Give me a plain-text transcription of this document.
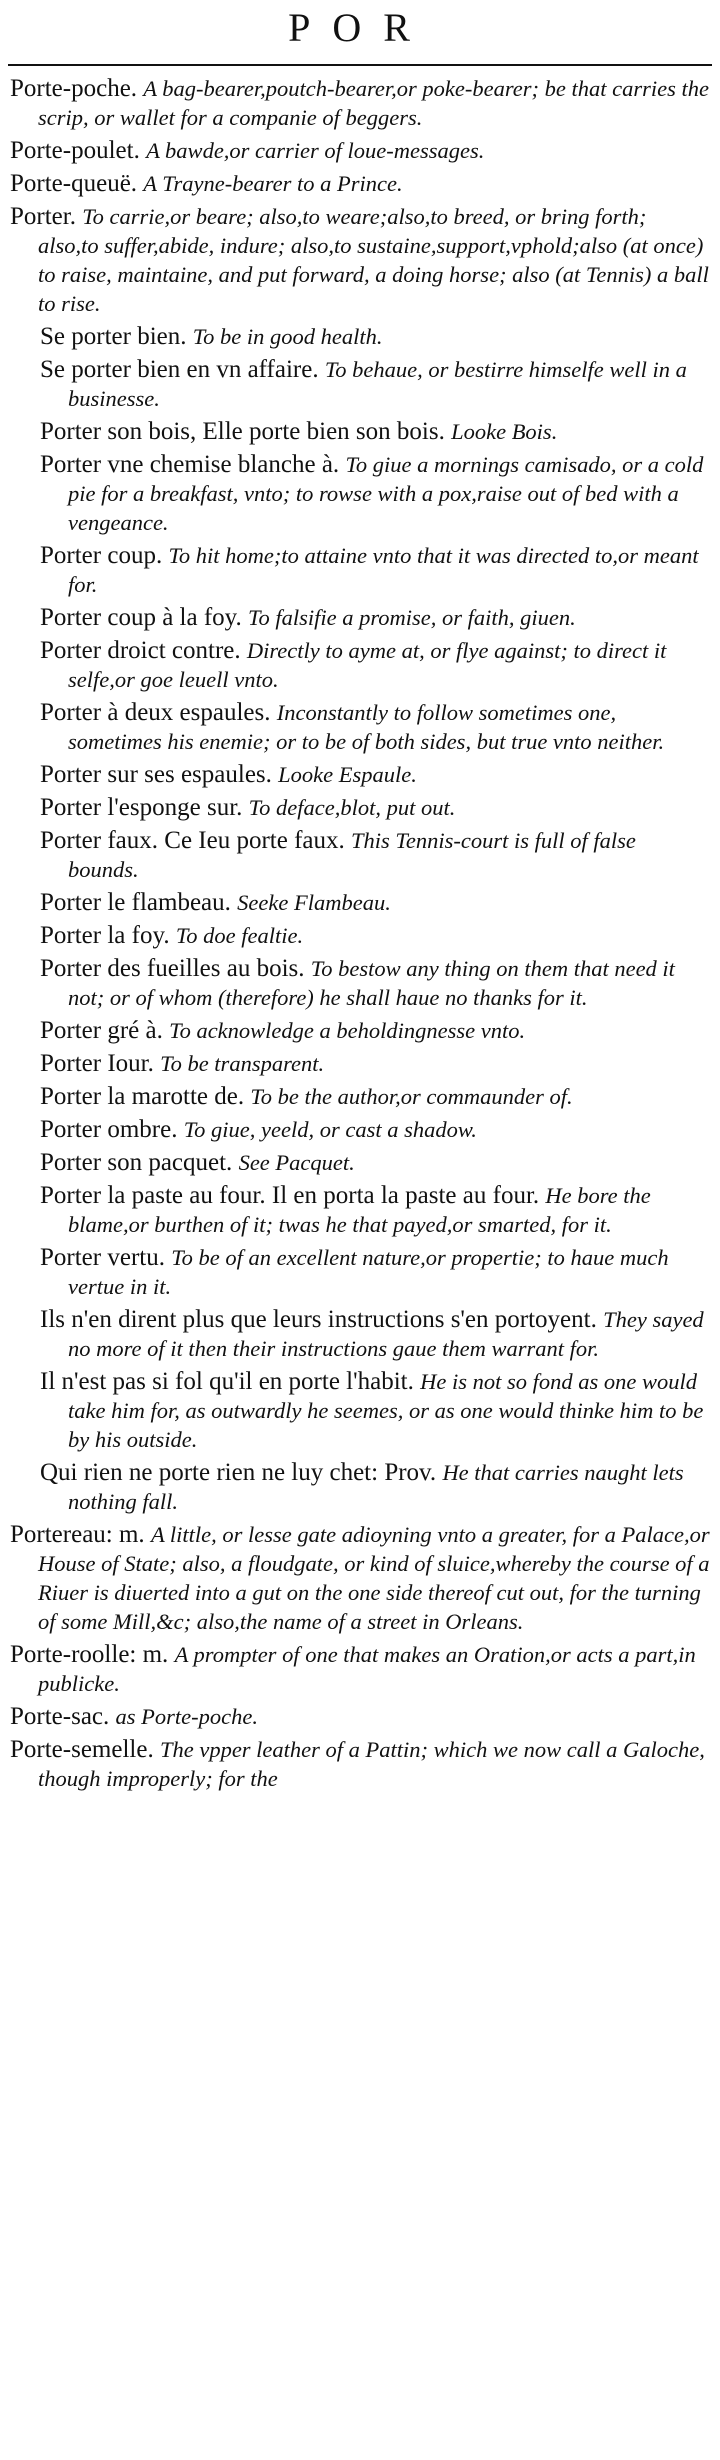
POR

Porte-poche. A bag-bearer,poutch-bearer,or poke-bearer; be that carries the scrip, or wallet for a companie of beggers.

Porte-poulet. A bawde,or carrier of loue-messages.

Porte-queuë. A Trayne-bearer to a Prince.

Porter. To carrie,or beare; also,to weare;also,to breed, or bring forth; also,to suffer,abide, indure; also,to sustaine,support,vphold;also (at once) to raise, maintaine, and put forward, a doing horse; also (at Tennis) a ball to rise.

Se porter bien. To be in good health.

Se porter bien en vn affaire. To behaue, or bestirre himselfe well in a businesse.

Porter son bois, Elle porte bien son bois. Looke Bois.

Porter vne chemise blanche à. To giue a mornings camisado, or a cold pie for a breakfast, vnto; to rowse with a pox,raise out of bed with a vengeance.

Porter coup. To hit home;to attaine vnto that it was directed to,or meant for.

Porter coup à la foy. To falsifie a promise, or faith, giuen.

Porter droict contre. Directly to ayme at, or flye against; to direct it selfe,or goe leuell vnto.

Porter à deux espaules. Inconstantly to follow sometimes one, sometimes his enemie; or to be of both sides, but true vnto neither.

Porter sur ses espaules. Looke Espaule.

Porter l'esponge sur. To deface,blot, put out.

Porter faux. Ce Ieu porte faux. This Tennis-court is full of false bounds.

Porter le flambeau. Seeke Flambeau.

Porter la foy. To doe fealtie.

Porter des fueilles au bois. To bestow any thing on them that need it not; or of whom (therefore) he shall haue no thanks for it.

Porter gré à. To acknowledge a beholdingnesse vnto.

Porter Iour. To be transparent.

Porter la marotte de. To be the author,or commaunder of.

Porter ombre. To giue, yeeld, or cast a shadow.

Porter son pacquet. See Pacquet.

Porter la paste au four. Il en porta la paste au four. He bore the blame,or burthen of it; twas he that payed,or smarted, for it.

Porter vertu. To be of an excellent nature,or propertie; to haue much vertue in it.

Ils n'en dirent plus que leurs instructions s'en portoyent. They sayed no more of it then their instructions gaue them warrant for.

Il n'est pas si fol qu'il en porte l'habit. He is not so fond as one would take him for, as outwardly he seemes, or as one would thinke him to be by his outside.

Qui rien ne porte rien ne luy chet: Prov. He that carries naught lets nothing fall.

Portereau: m. A little, or lesse gate adioyning vnto a greater, for a Palace,or House of State; also, a floudgate, or kind of sluice,whereby the course of a Riuer is diuerted into a gut on the one side thereof cut out, for the turning of some Mill,&c; also,the name of a street in Orleans.

Porte-roolle: m. A prompter of one that makes an Oration,or acts a part,in publicke.

Porte-sac. as Porte-poche.

Porte-semelle. The vpper leather of a Pattin; which we now call a Galoche, though improperly; for the
